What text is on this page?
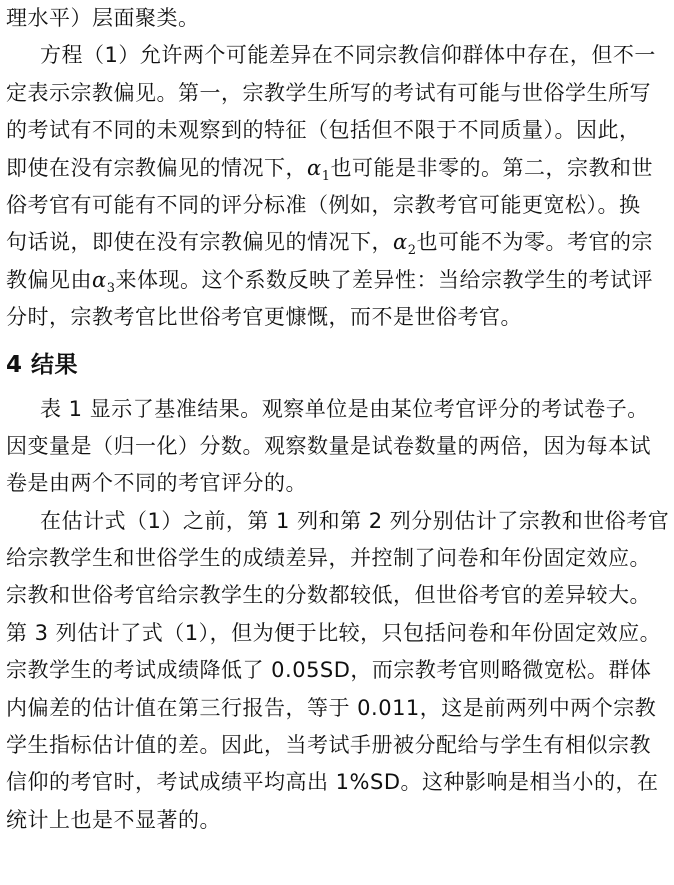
理水平）层面聚类。
方程（1）允许两个可能差异在不同宗教信仰群体中存在，但不一
定表示宗教偏见。第一，宗教学生所写的考试有可能与世俗学生所写
的考试有不同的未观察到的特征（包括但不限于不同质量）。因此，
即使在没有宗教偏见的情况下，$\alpha_1$也可能是非零的。第二，宗教和世
俗考官有可能有不同的评分标准（例如，宗教考官可能更宽松）。换
句话说，即使在没有宗教偏见的情况下，$\alpha_2$也可能不为零。考官的宗
教偏见由$\alpha_3$来体现。这个系数反映了差异性：当给宗教学生的考试评
分时，宗教考官比世俗考官更慷慨，而不是世俗考官。
4 结果
表 1 显示了基准结果。观察单位是由某位考官评分的考试卷子。
因变量是（归一化）分数。观察数量是试卷数量的两倍，因为每本试
卷是由两个不同的考官评分的。
在估计式（1）之前，第 1 列和第 2 列分别估计了宗教和世俗考官
给宗教学生和世俗学生的成绩差异，并控制了问卷和年份固定效应。
宗教和世俗考官给宗教学生的分数都较低，但世俗考官的差异较大。
第 3 列估计了式（1），但为便于比较，只包括问卷和年份固定效应。
宗教学生的考试成绩降低了 0.05SD，而宗教考官则略微宽松。群体
内偏差的估计值在第三行报告，等于 0.011，这是前两列中两个宗教
学生指标估计值的差。因此，当考试手册被分配给与学生有相似宗教
信仰的考官时，考试成绩平均高出 1%SD。这种影响是相当小的，在
统计上也是不显著的。
